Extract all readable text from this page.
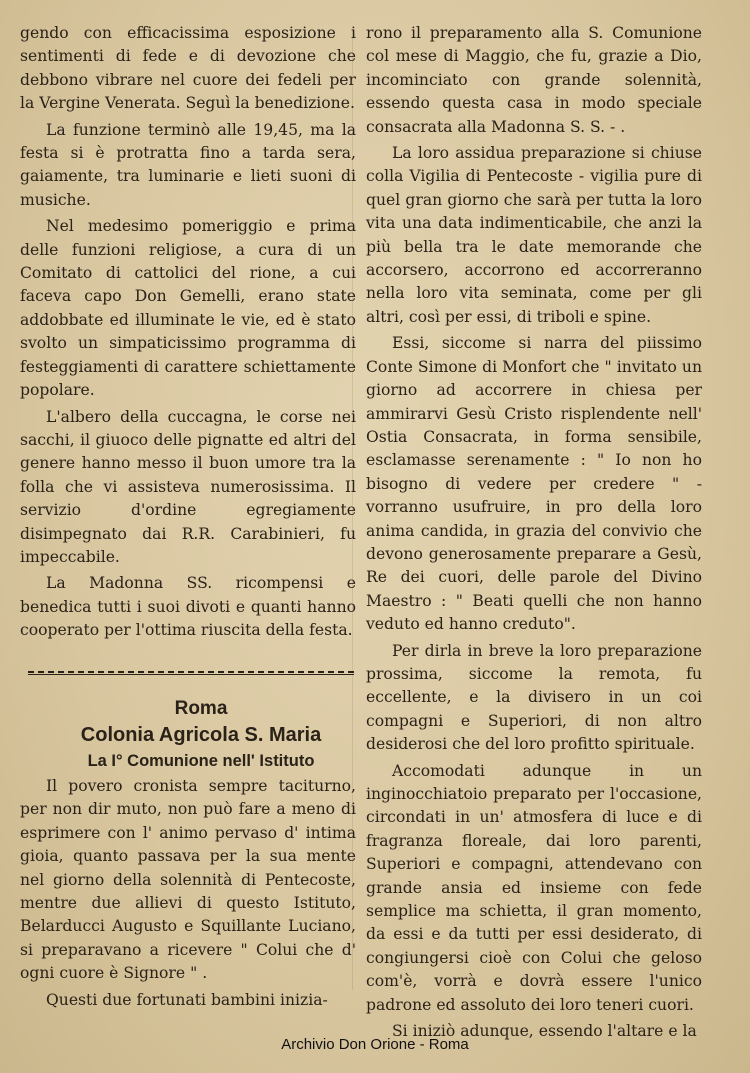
gendo con efficacissima esposizione i sentimenti di fede e di devozione che debbono vibrare nel cuore dei fedeli per la Vergine Venerata. Seguì la benedizione.

La funzione terminò alle 19,45, ma la festa si è protratta fino a tarda sera, gaiamente, tra luminarie e lieti suoni di musiche.

Nel medesimo pomeriggio e prima delle funzioni religiose, a cura di un Comitato di cattolici del rione, a cui faceva capo Don Gemelli, erano state addobbate ed illuminate le vie, ed è stato svolto un simpaticissimo programma di festeggiamenti di carattere schiettamente popolare.

L'albero della cuccagna, le corse nei sacchi, il giuoco delle pignatte ed altri del genere hanno messo il buon umore tra la folla che vi assisteva numerosissima. Il servizio d'ordine egregiamente disimpegnato dai R.R. Carabinieri, fu impeccabile.

La Madonna SS. ricompensi e benedica tutti i suoi divoti e quanti hanno cooperato per l'ottima riuscita della festa.

Roma

Colonia Agricola S. Maria

La I° Comunione nell' Istituto

Il povero cronista sempre taciturno, per non dir muto, non può fare a meno di esprimere con l' animo pervaso d' intima gioia, quanto passava per la sua mente nel giorno della solennità di Pentecoste, mentre due allievi di questo Istituto, Belarducci Augusto e Squillante Luciano, si preparavano a ricevere " Colui che d' ogni cuore è Signore " .

Questi due fortunati bambini inizia-

rono il preparamento alla S. Comunione col mese di Maggio, che fu, grazie a Dio, incominciato con grande solennità, essendo questa casa in modo speciale consacrata alla Madonna S. S. - .

La loro assidua preparazione si chiuse colla Vigilia di Pentecoste - vigilia pure di quel gran giorno che sarà per tutta la loro vita una data indimenticabile, che anzi la più bella tra le date memorande che accorsero, accorrono ed accorreranno nella loro vita seminata, come per gli altri, così per essi, di triboli e spine.

Essi, siccome si narra del piissimo Conte Simone di Monfort che " invitato un giorno ad accorrere in chiesa per ammirarvi Gesù Cristo risplendente nell' Ostia Consacrata, in forma sensibile, esclamasse serenamente : " Io non ho bisogno di vedere per credere " - vorranno usufruire, in pro della loro anima candida, in grazia del convivio che devono generosamente preparare a Gesù, Re dei cuori, delle parole del Divino Maestro : " Beati quelli che non hanno veduto ed hanno creduto".

Per dirla in breve la loro preparazione prossima, siccome la remota, fu eccellente, e la divisero in un coi compagni e Superiori, di non altro desiderosi che del loro profitto spirituale.

Accomodati adunque in un inginocchiatoio preparato per l'occasione, circondati in un' atmosfera di luce e di fragranza floreale, dai loro parenti, Superiori e compagni, attendevano con grande ansia ed insieme con fede semplice ma schietta, il gran momento, da essi e da tutti per essi desiderato, di congiungersi cioè con Colui che geloso com'è, vorrà e dovrà essere l'unico padrone ed assoluto dei loro teneri cuori.

Si iniziò adunque, essendo l'altare e la

Archivio Don Orione - Roma
